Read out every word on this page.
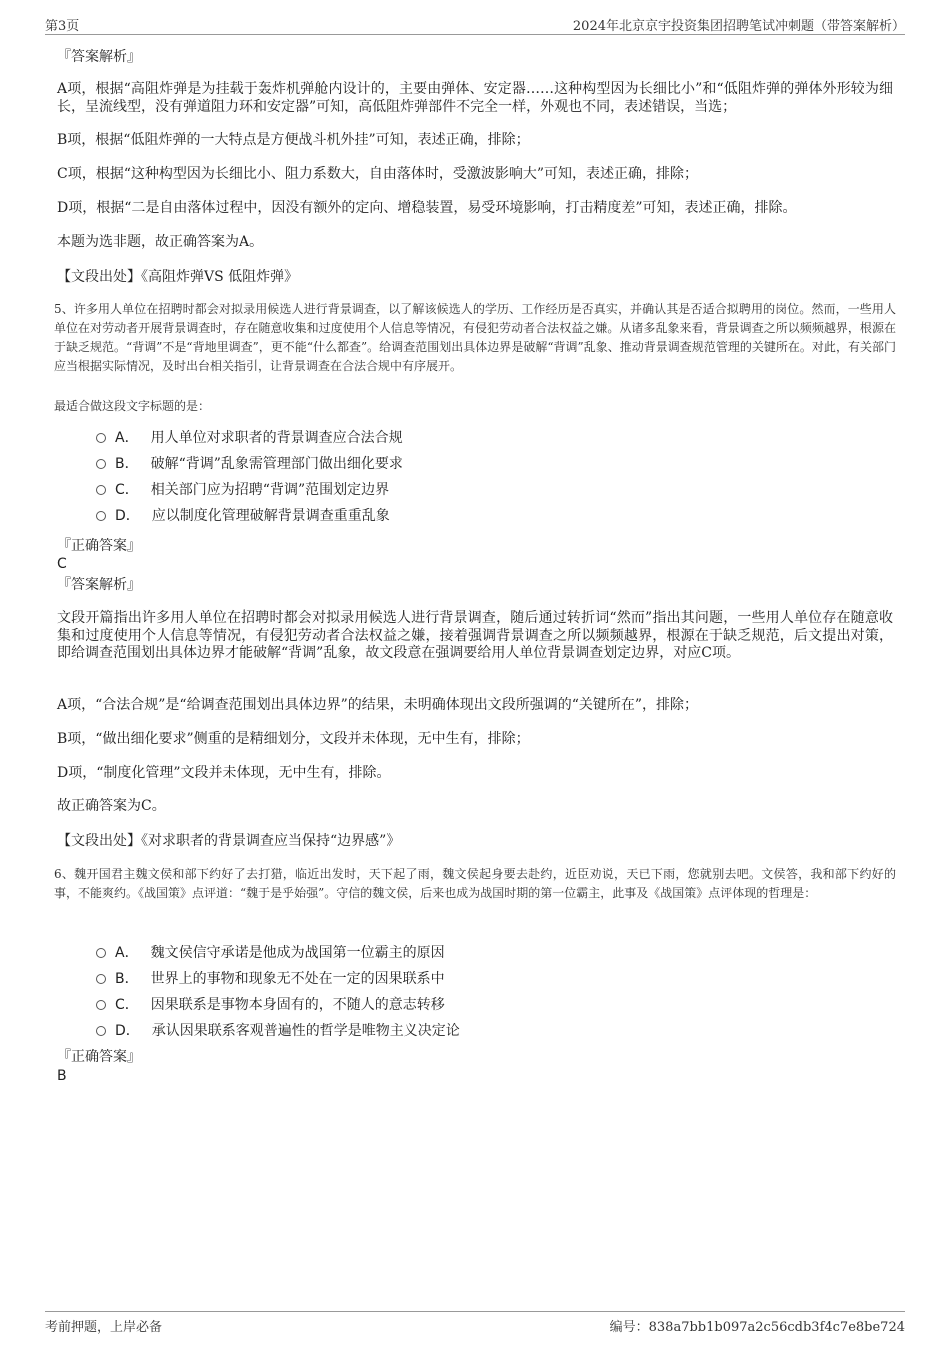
第3页	2024年北京京宇投资集团招聘笔试冲刺题（带答案解析）
『答案解析』
A项，根据“高阻炸弹是为挂载于轰炸机弹舱内设计的，主要由弹体、安定器……这种构型因为长细比小”和“低阻炸弹的弹体外形较为细长，呈流线型，没有弹道阻力环和安定器”可知，高低阻炸弹部件不完全一样，外观也不同，表述错误，当选；
B项，根据“低阻炸弹的一大特点是方便战斗机外挂”可知，表述正确，排除；
C项，根据“这种构型因为长细比小、阻力系数大，自由落体时，受激波影响大”可知，表述正确，排除；
D项，根据“二是自由落体过程中，因没有额外的定向、增稳装置，易受环境影响，打击精度差”可知，表述正确，排除。
本题为选非题，故正确答案为A。
【文段出处】《高阻炸弹VS 低阻炸弹》
5、许多用人单位在招聘时都会对拟录用候选人进行背景调查，以了解该候选人的学历、工作经历是否真实，并确认其是否适合拟聘用的岗位。然而，一些用人单位在对劳动者开展背景调查时，存在随意收集和过度使用个人信息等情况，有侵犯劳动者合法权益之嫌。从诸多乱象来看，背景调查之所以频频越界，根源在于缺乏规范。“背调”不是“背地里调查”，更不能“什么都查”。给调查范围划出具体边界是破解“背调”乱象、推动背景调查规范管理的关键所在。对此，有关部门应当根据实际情况，及时出台相关指引，让背景调查在合法合规中有序展开。
最适合做这段文字标题的是：
A． 用人单位对求职者的背景调查应合法合规
B． 破解“背调”乱象需管理部门做出细化要求
C． 相关部门应为招聘“背调”范围划定边界
D． 应以制度化管理破解背景调查重重乱象
『正确答案』
C
『答案解析』
文段开篇指出许多用人单位在招聘时都会对拟录用候选人进行背景调查，随后通过转折词“然而”指出其问题，一些用人单位存在随意收集和过度使用个人信息等情况，有侵犯劳动者合法权益之嫌，接着强调背景调查之所以频频越界，根源在于缺乏规范，后文提出对策，即给调查范围划出具体边界才能破解“背调”乱象，故文段意在强调要给用人单位背景调查划定边界，对应C项。
A项，“合法合规”是“给调查范围划出具体边界”的结果，未明确体现出文段所强调的“关键所在”，排除；
B项，“做出细化要求”侧重的是精细划分，文段并未体现，无中生有，排除；
D项，“制度化管理”文段并未体现，无中生有，排除。
故正确答案为C。
【文段出处】《对求职者的背景调查应当保持“边界感”》
6、魏开国君主魏文侯和部下约好了去打猎，临近出发时，天下起了雨，魏文侯起身要去赴约，近臣劝说，天已下雨，您就别去吧。文侯答，我和部下约好的事，不能爽约。《战国策》点评道：“魏于是乎始强”。守信的魏文侯，后来也成为战国时期的第一位霸主，此事及《战国策》点评体现的哲理是：
A． 魏文侯信守承诺是他成为战国第一位霸主的原因
B． 世界上的事物和现象无不处在一定的因果联系中
C． 因果联系是事物本身固有的，不随人的意志转移
D． 承认因果联系客观普遍性的哲学是唯物主义决定论
『正确答案』
B
考前押题，上岸必备	编号：838a7bb1b097a2c56cdb3f4c7e8be724
